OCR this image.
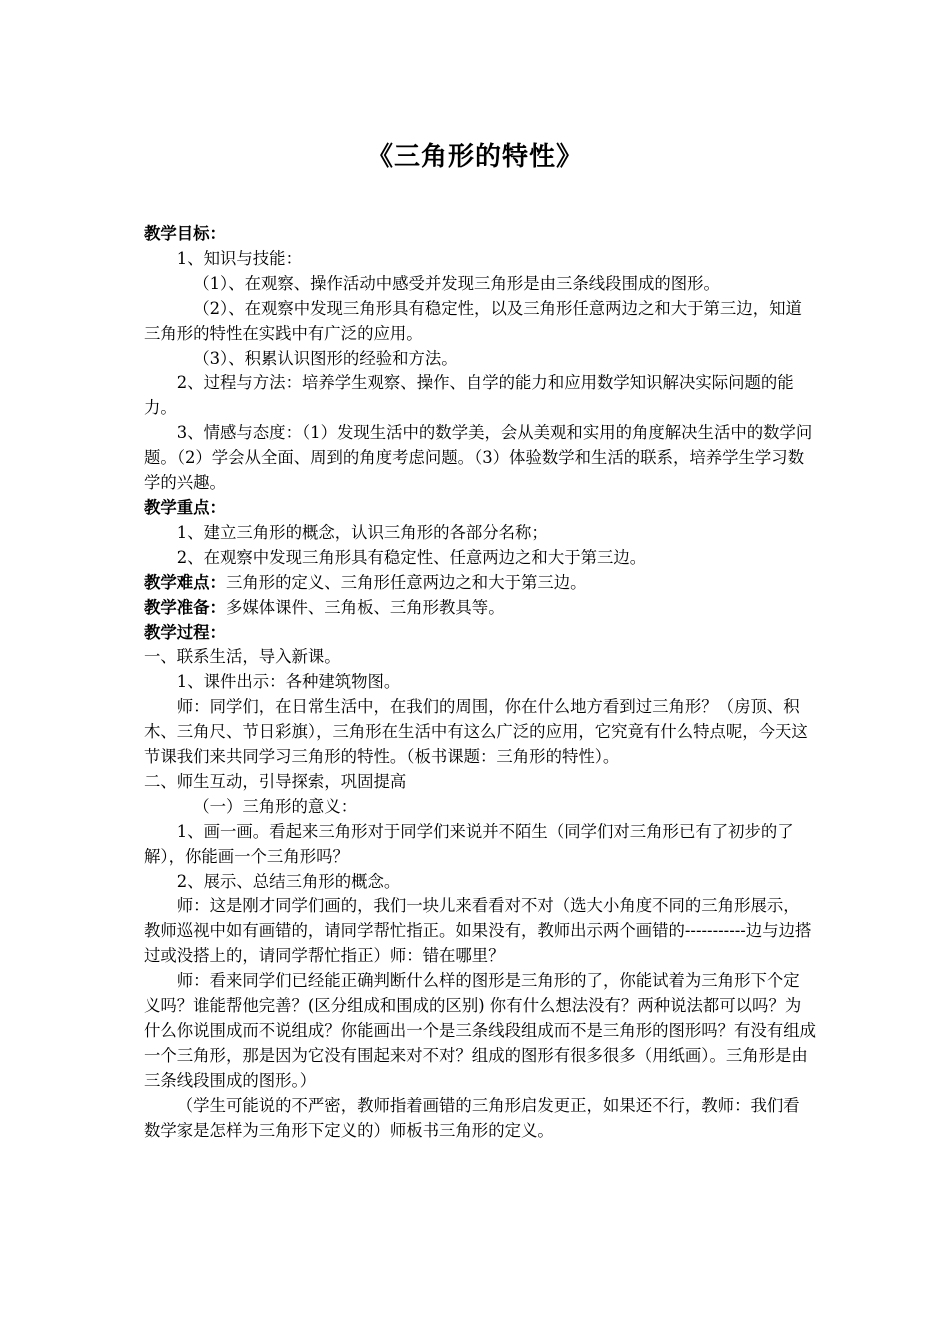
《三角形的特性》

教学目标：

1、知识与技能：

（1）、在观察、操作活动中感受并发现三角形是由三条线段围成的图形。

（2）、在观察中发现三角形具有稳定性，以及三角形任意两边之和大于第三边，知道三角形的特性在实践中有广泛的应用。

（3）、积累认识图形的经验和方法。

2、过程与方法：培养学生观察、操作、自学的能力和应用数学知识解决实际问题的能力。

3、情感与态度：（1）发现生活中的数学美，会从美观和实用的角度解决生活中的数学问题。（2）学会从全面、周到的角度考虑问题。（3）体验数学和生活的联系，培养学生学习数学的兴趣。

教学重点：

1、建立三角形的概念，认识三角形的各部分名称；

2、在观察中发现三角形具有稳定性、任意两边之和大于第三边。

教学难点：三角形的定义、三角形任意两边之和大于第三边。

教学准备：多媒体课件、三角板、三角形教具等。

教学过程：

一、联系生活，导入新课。

1、课件出示：各种建筑物图。

师：同学们，在日常生活中，在我们的周围，你在什么地方看到过三角形？（房顶、积木、三角尺、节日彩旗），三角形在生活中有这么广泛的应用，它究竟有什么特点呢，今天这节课我们来共同学习三角形的特性。（板书课题：三角形的特性）。

二、师生互动，引导探索，巩固提高

（一）三角形的意义：

1、画一画。看起来三角形对于同学们来说并不陌生（同学们对三角形已有了初步的了解），你能画一个三角形吗？

2、展示、总结三角形的概念。

师：这是刚才同学们画的，我们一块儿来看看对不对（选大小角度不同的三角形展示，教师巡视中如有画错的，请同学帮忙指正。如果没有，教师出示两个画错的-----------边与边搭过或没搭上的，请同学帮忙指正）师：错在哪里？

师：看来同学们已经能正确判断什么样的图形是三角形的了，你能试着为三角形下个定义吗？谁能帮他完善？(区分组成和围成的区别) 你有什么想法没有？两种说法都可以吗？为什么你说围成而不说组成？你能画出一个是三条线段组成而不是三角形的图形吗？有没有组成一个三角形，那是因为它没有围起来对不对？组成的图形有很多很多（用纸画）。三角形是由三条线段围成的图形。）

（学生可能说的不严密，教师指着画错的三角形启发更正，如果还不行，教师：我们看数学家是怎样为三角形下定义的）师板书三角形的定义。
